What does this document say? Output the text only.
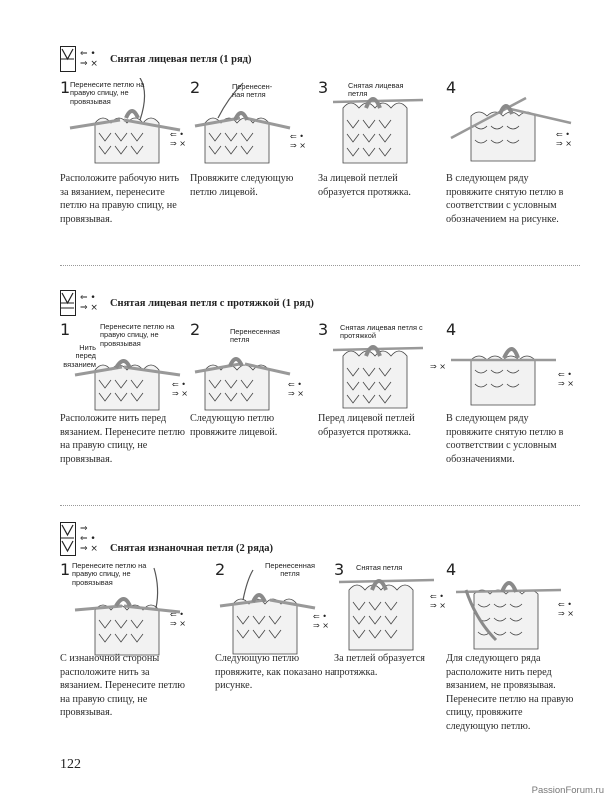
⇐ •
⇒ × Снятая лицевая петля (1 ряд)
1 Перенесите петлю на правую спицу, не провязывая
⇐ •
⇒ ×
Расположите рабочую нить за вязанием, перенесите петлю на правую спицу, не провязывая.
2	Перенесен-ная петля
⇐ •
⇒ ×
Провяжите следующую петлю лицевой.
3	Снятая лицевая петля
За лицевой петлей образуется протяжка.
4
⇐ •
⇒ ×
В следующем ряду провяжите снятую петлю в соответствии с условным обозначением на рисунке.
⇐ •
⇒ × Снятая лицевая петля с протяжкой (1 ряд)
1	Перенесите петлю на правую спицу, не провязывая
Нить перед вязанием
⇐ •
⇒ ×
Расположите нить перед вязанием. Перенесите петлю на правую спицу, не провязывая.
2	Перенесенная петля
⇐ •
⇒ ×
Следующую петлю провяжите лицевой.
3 Снятая лицевая петля с протяжкой
⇒ ×
Перед лицевой петлей образуется протяжка.
4
⇐ •
⇒ ×
В следующем ряду провяжите снятую петлю в соответствии с условным обозначениями.
⇒
⇐ •
⇒ × Снятая изнаночная петля (2 ряда)
1 Перенесите петлю на правую спицу, не провязывая
⇐ •
⇒ ×
С изнаночной стороны расположите нить за вязанием. Перенесите петлю на правую спицу, не провязывая.
2	Перенесенная петля
⇐ •
⇒ ×
Следующую петлю провяжите, как показано на рисунке.
3 Снятая петля
⇐ •
⇒ ×
За петлей образуется протяжка.
4
⇐ •
⇒ ×
Для следующего ряда расположите нить перед вязанием, не провязывая. Перенесите петлю на правую спицу, провяжите следующую петлю.
122
PassionForum.ru
